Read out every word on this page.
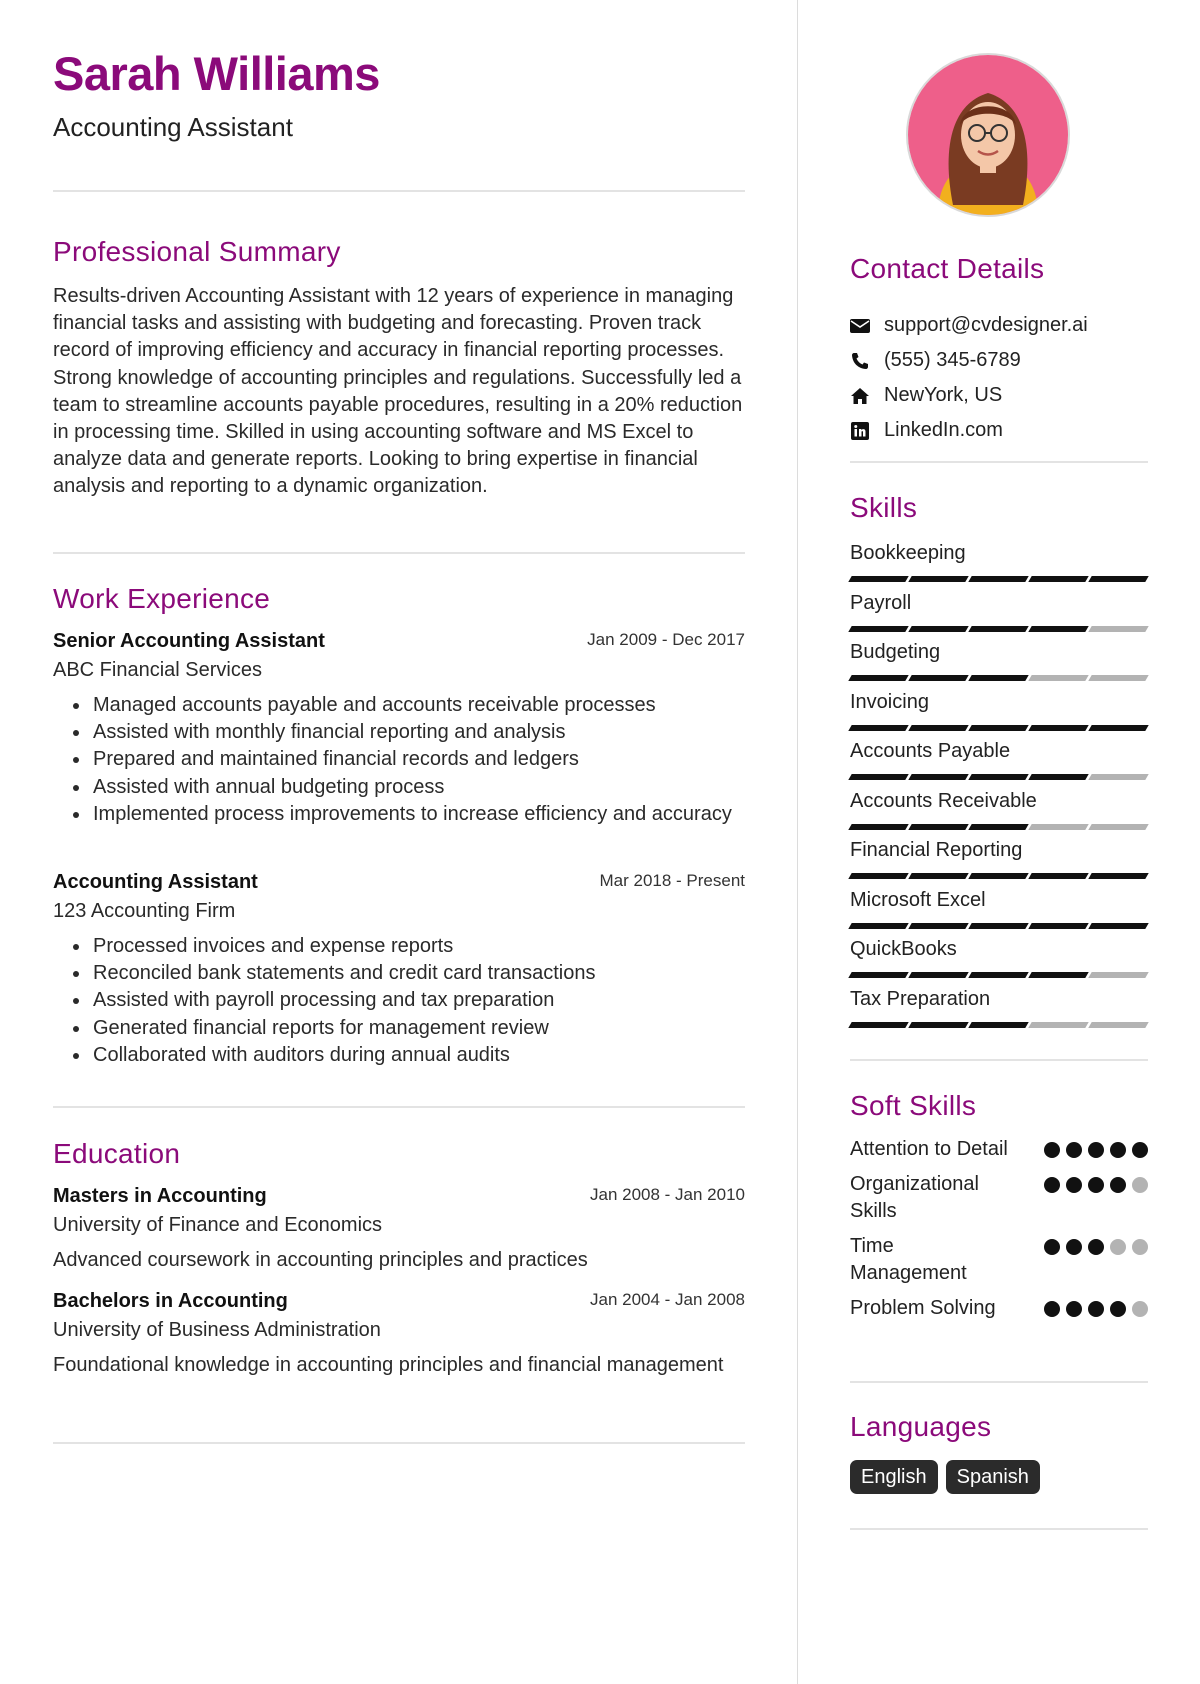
Sarah Williams
Accounting Assistant
Professional Summary

Results-driven Accounting Assistant with 12 years of experience in managing financial tasks and assisting with budgeting and forecasting. Proven track record of improving efficiency and accuracy in financial reporting processes. Strong knowledge of accounting principles and regulations. Successfully led a team to streamline accounts payable procedures, resulting in a 20% reduction in processing time. Skilled in using accounting software and MS Excel to analyze data and generate reports. Looking to bring expertise in financial analysis and reporting to a dynamic organization.

Work Experience
Senior Accounting Assistant	Jan 2009 - Dec 2017
ABC Financial Services
• Managed accounts payable and accounts receivable processes
• Assisted with monthly financial reporting and analysis
• Prepared and maintained financial records and ledgers
• Assisted with annual budgeting process
• Implemented process improvements to increase efficiency and accuracy
Accounting Assistant	Mar 2018 - Present
123 Accounting Firm
• Processed invoices and expense reports
• Reconciled bank statements and credit card transactions
• Assisted with payroll processing and tax preparation
• Generated financial reports for management review
• Collaborated with auditors during annual audits
Education
Masters in Accounting	Jan 2008 - Jan 2010
University of Finance and Economics
Advanced coursework in accounting principles and practices
Bachelors in Accounting	Jan 2004 - Jan 2008
University of Business Administration
Foundational knowledge in accounting principles and financial management
Contact Details
support@cvdesigner.ai
(555) 345-6789
NewYork, US
LinkedIn.com
Skills
Bookkeeping
Payroll
Budgeting
Invoicing
Accounts Payable
Accounts Receivable
Financial Reporting
Microsoft Excel
QuickBooks
Tax Preparation
Soft Skills
Attention to Detail
Organizational Skills
Time Management
Problem Solving
Languages
English	Spanish
